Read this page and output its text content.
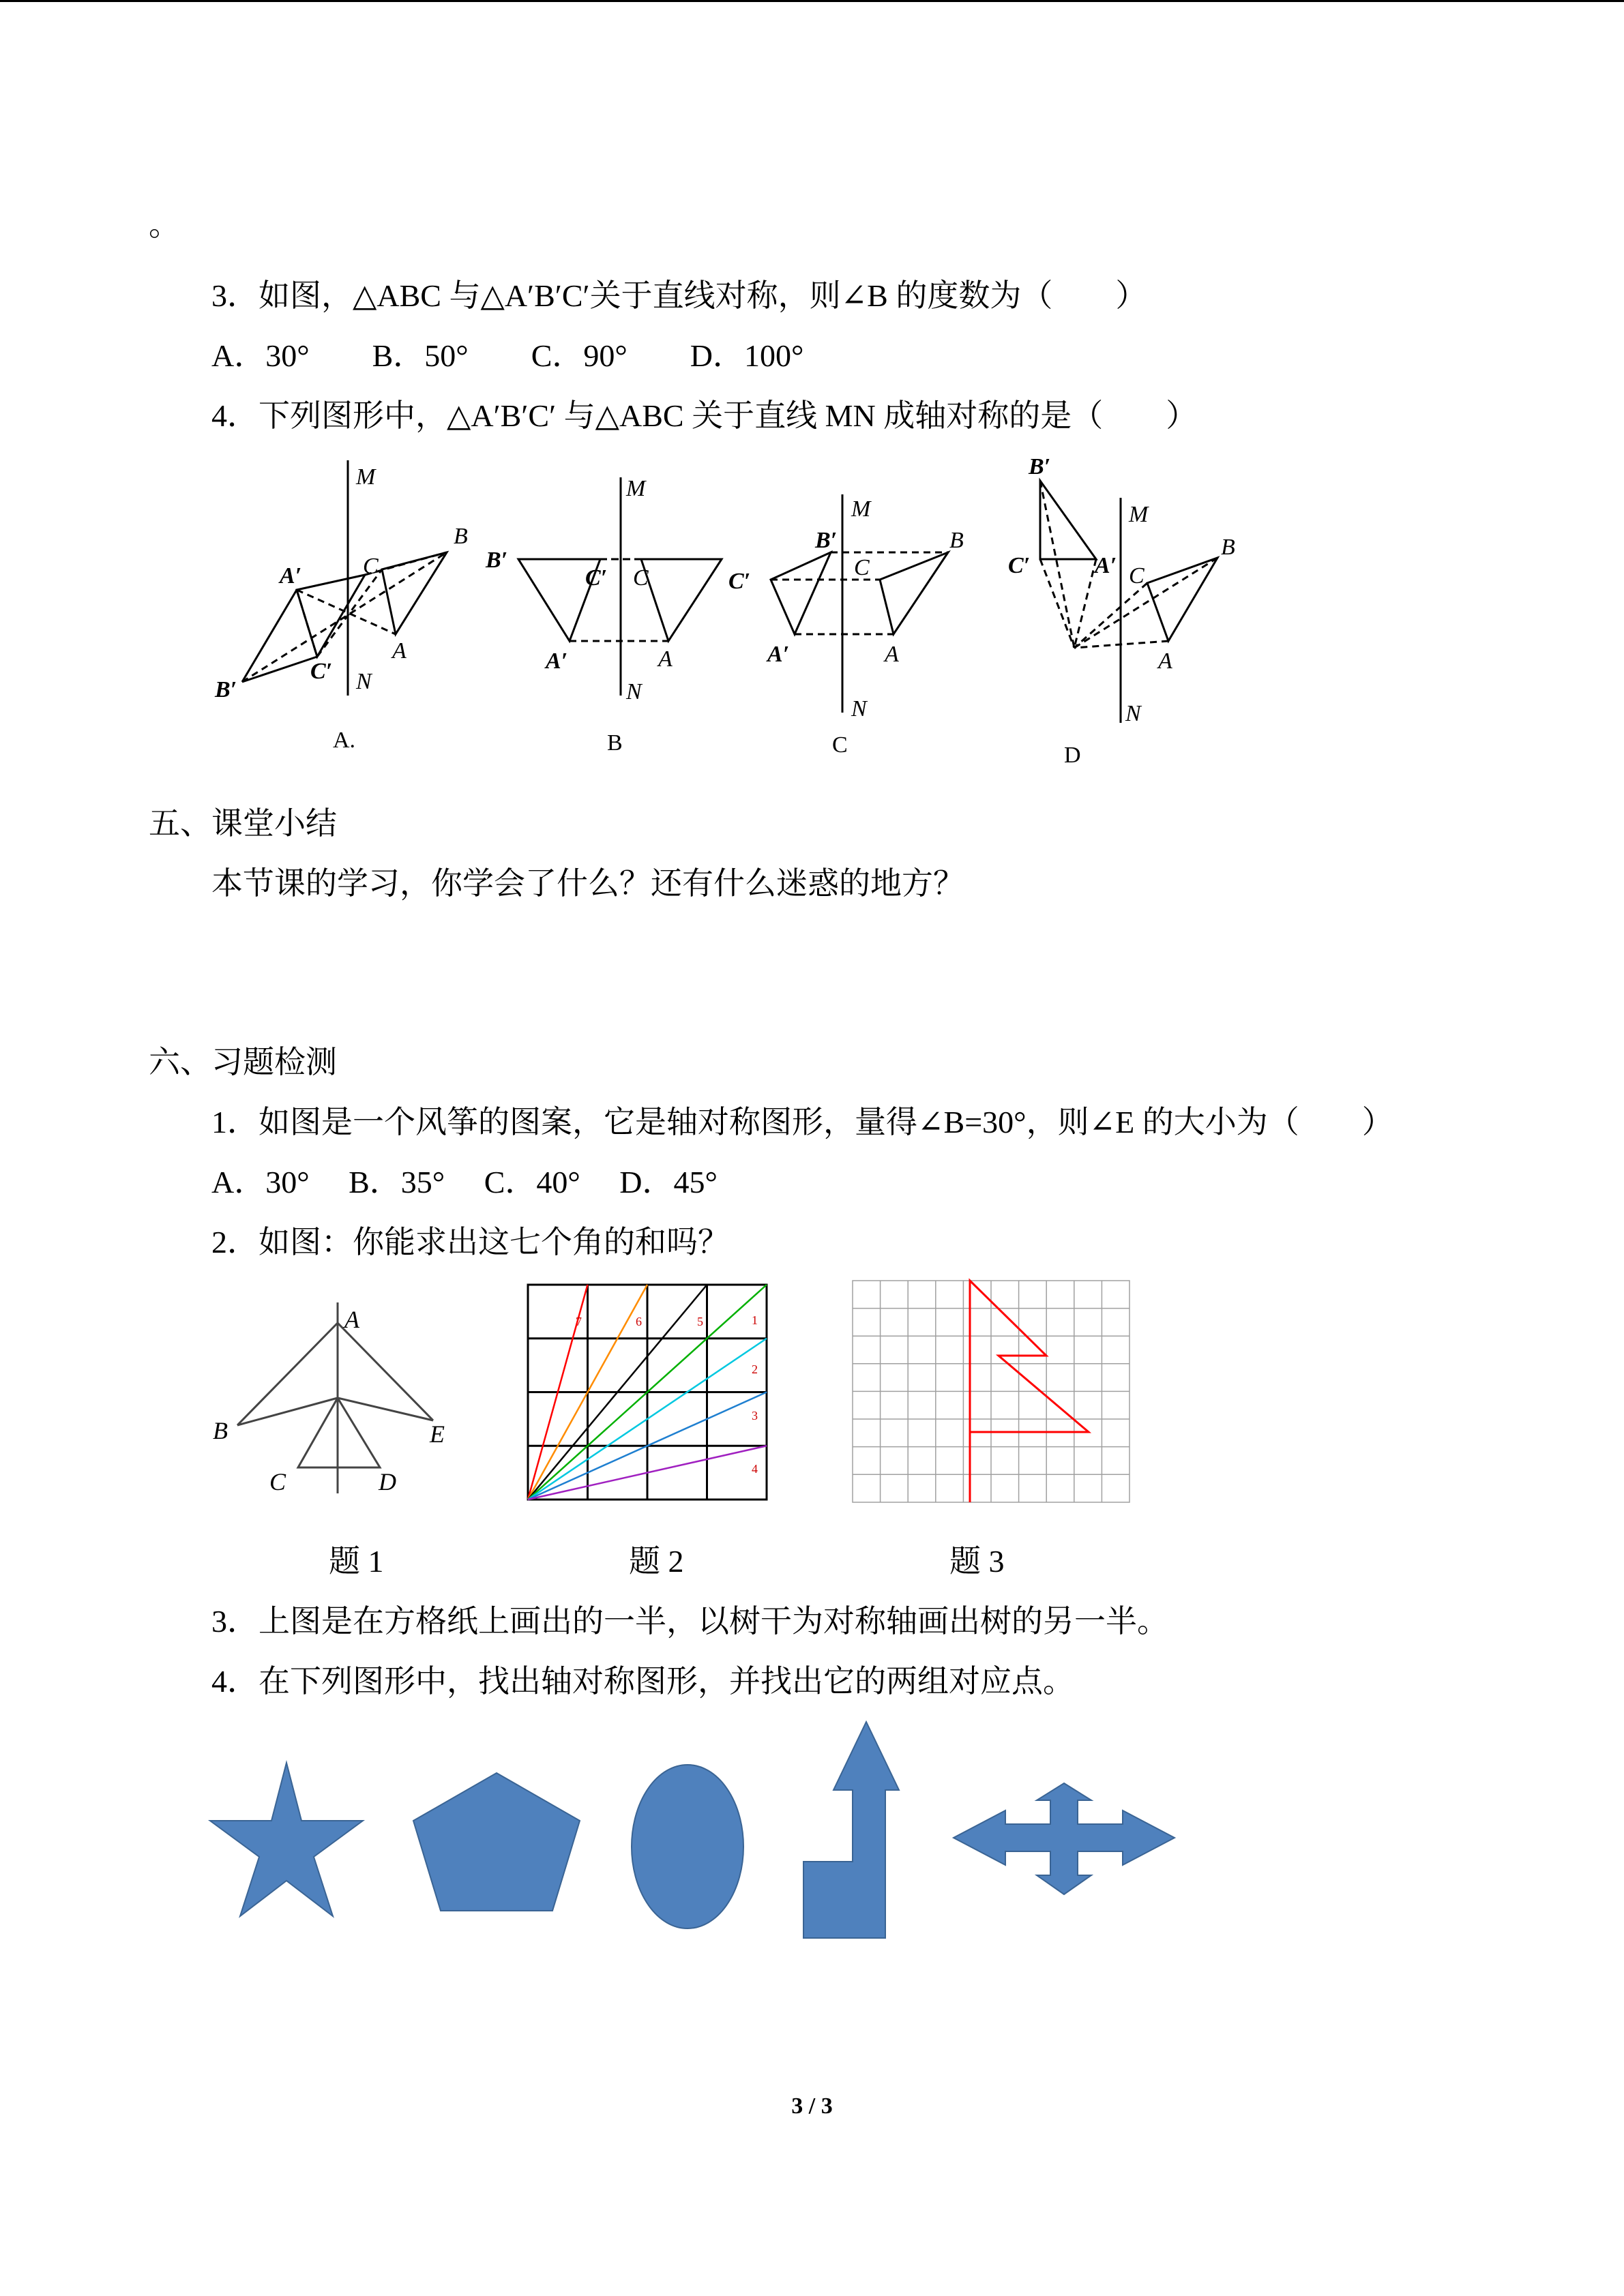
。
3．如图，△ABC 与△A′B′C′关于直线对称，则∠B 的度数为（　　）
A．30°　　B．50°　　C．90°　　D．100°
4．下列图形中，△A′B′C′ 与△ABC 关于直线 MN 成轴对称的是（　　）
M
N
B
C
A
A′
C′
B′
M
N
B′
C′ C
A′	A
M
N
B
B′
C′
C
A′	A
B′
M
C′	A′ C
B
A
N
A.	B	C	D
五、课堂小结
本节课的学习，你学会了什么？还有什么迷惑的地方？
六、习题检测
1．如图是一个风筝的图案，它是轴对称图形，量得∠B=30°，则∠E 的大小为（　　）
A．30°　 B．35°　 C．40°　 D．45°
2．如图：你能求出这七个角的和吗？
A
B	E
C	D
1
2
3
4
5
6
7
题 1	题 2	题 3
3．上图是在方格纸上画出的一半，以树干为对称轴画出树的另一半。
4．在下列图形中，找出轴对称图形，并找出它的两组对应点。
3 / 3
